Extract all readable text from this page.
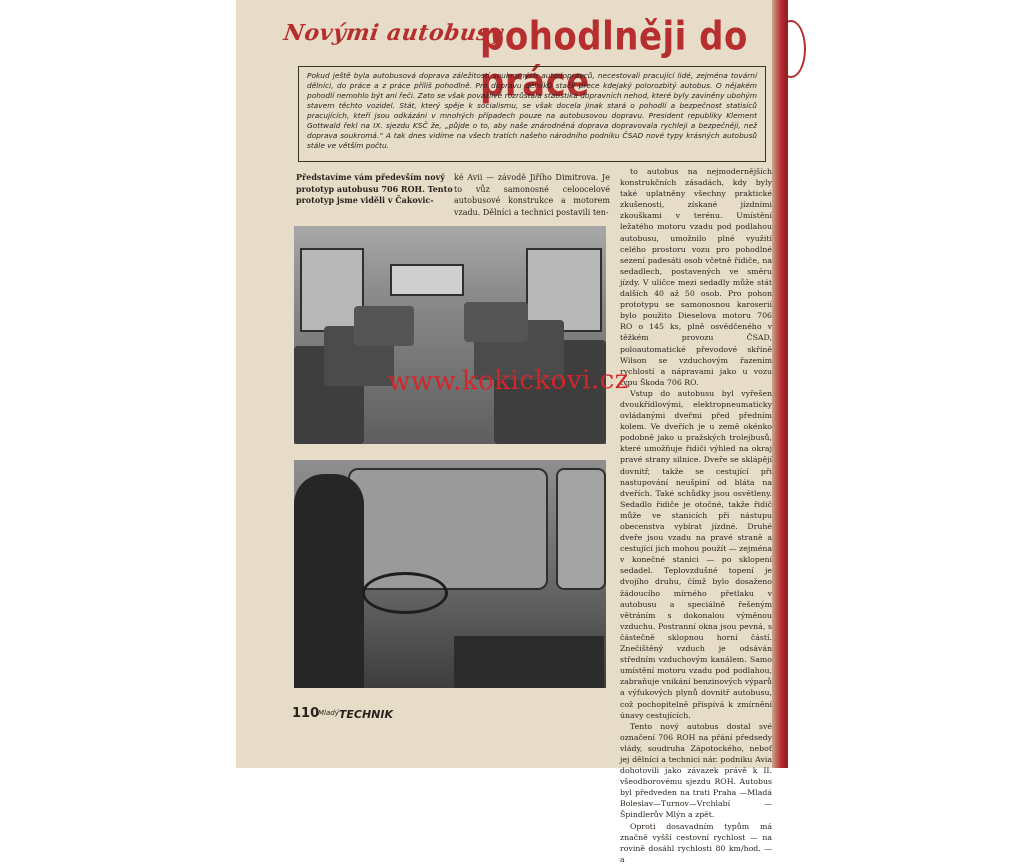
Novými autobusy
pohodlněji do práce
Pokud ještě byla autobusová doprava záležitostí soukromých autodopravců, necestovali pracující lidé, zejména tovární dělníci, do práce a z práce příliš pohodlně. Pro dopravu dělníků stačil přece kdejaký polorozbitý autobus. O nějakém pohodlí nemohlo být ani řeči. Zato se však považlivě rozrůstala statistika dopravních nehod, které byly zaviněny ubohým stavem těchto vozidel. Stát, který spěje k socialismu, se však docela jinak stará o pohodlí a bezpečnost statisíců pracujících, kteří jsou odkázáni v mnohých případech pouze na autobusovou dopravu. President republiky Klement Gottwald řekl na IX. sjezdu KSČ že, „půjde o to, aby naše znárodněná doprava dopravovala rychleji a bezpečněji, než doprava soukromá.“ A tak dnes vidíme na všech tratích našeho národního podniku ČSAD nové typy krásných autobusů stále ve větším počtu.
Představíme vám především nový prototyp autobusu 706 ROH. Tento prototyp jsme viděli v Čakovic-
ké Avii — závodě Jiřího Dimitrova. Je to vůz samonosné celoocelové autobusové konstrukce a motorem vzadu. Dělníci a technici postavili ten-

to autobus na nejmodernějších konstrukčních zásadách, kdy byly také uplatněny všechny praktické zkušenosti, získané jízdními zkouškami v terénu. Umístění ležatého motoru vzadu pod podlahou autobusu, umožnilo plné využití celého prostoru vozu pro pohodlné sezení padesáti osob včetně řidiče, na sedadlech, postavených ve směru jízdy. V uličce mezi sedadly může stát dalších 40 až 50 osob. Pro pohon prototypu se samonosnou karoserií bylo použito Dieselova motoru 706 RO o 145 ks, plně osvědčeného v těžkém provozu ČSAD, poloautomatické převodové skříně Wilson se vzduchovým řazením rychlostí a nápravami jako u vozu typu Škoda 706 RO.

Vstup do autobusu byl vyřešen dvoukřídlovými, elektropneumaticky ovládanými dveřmi před předním kolem. Ve dveřích je u země okénko podobně jako u pražských trolejbusů, které umožňuje řidiči výhled na okraj pravé strany silnice. Dveře se sklápějí dovnitř, takže se cestující při nastupování neušpiní od bláta na dveřích. Také schůdky jsou osvětleny. Sedadlo řidiče je otočné, takže řidič může ve stanicích při nástupu obecenstva vybírat jízdné. Druhé dveře jsou vzadu na pravé straně a cestující jich mohou použít — zejména v konečné stanici — po sklopení sedadel. Teplovzdušné topení je dvojího druhu, čímž bylo dosaženo žádoucího mírného přetlaku v autobusu a speciálně řešeným větráním s dokonalou výměnou vzduchu. Postranní okna jsou pevná, s částečně sklopnou horní částí. Znečištěný vzduch je odsáván středním vzduchovým kanálem. Samo umístění motoru vzadu pod podlahou, zabraňuje vnikání benzinových výparů a výfukových plynů dovnitř autobusu, což pochopitelně přispívá k zmírnění únavy cestujících.

Tento nový autobus dostal své označení 706 ROH na přání předsedy vlády, soudruha Zápotockého, neboť jej dělníci a technici nár. podniku Avia dohotovili jako závazek právě k II. všeodborovému sjezdu ROH. Autobus byl předveden na trati Praha —Mladá Boleslav—Turnov—Vrchlabí —Špindlerův Mlýn a zpět.

Oproti dosavadním typům má značně vyšší cestovní rychlost — na rovině dosáhl rychlosti 80 km/hod. — a

www.kokickovi.cz
110
$^{Mladý}$TECHNIK
